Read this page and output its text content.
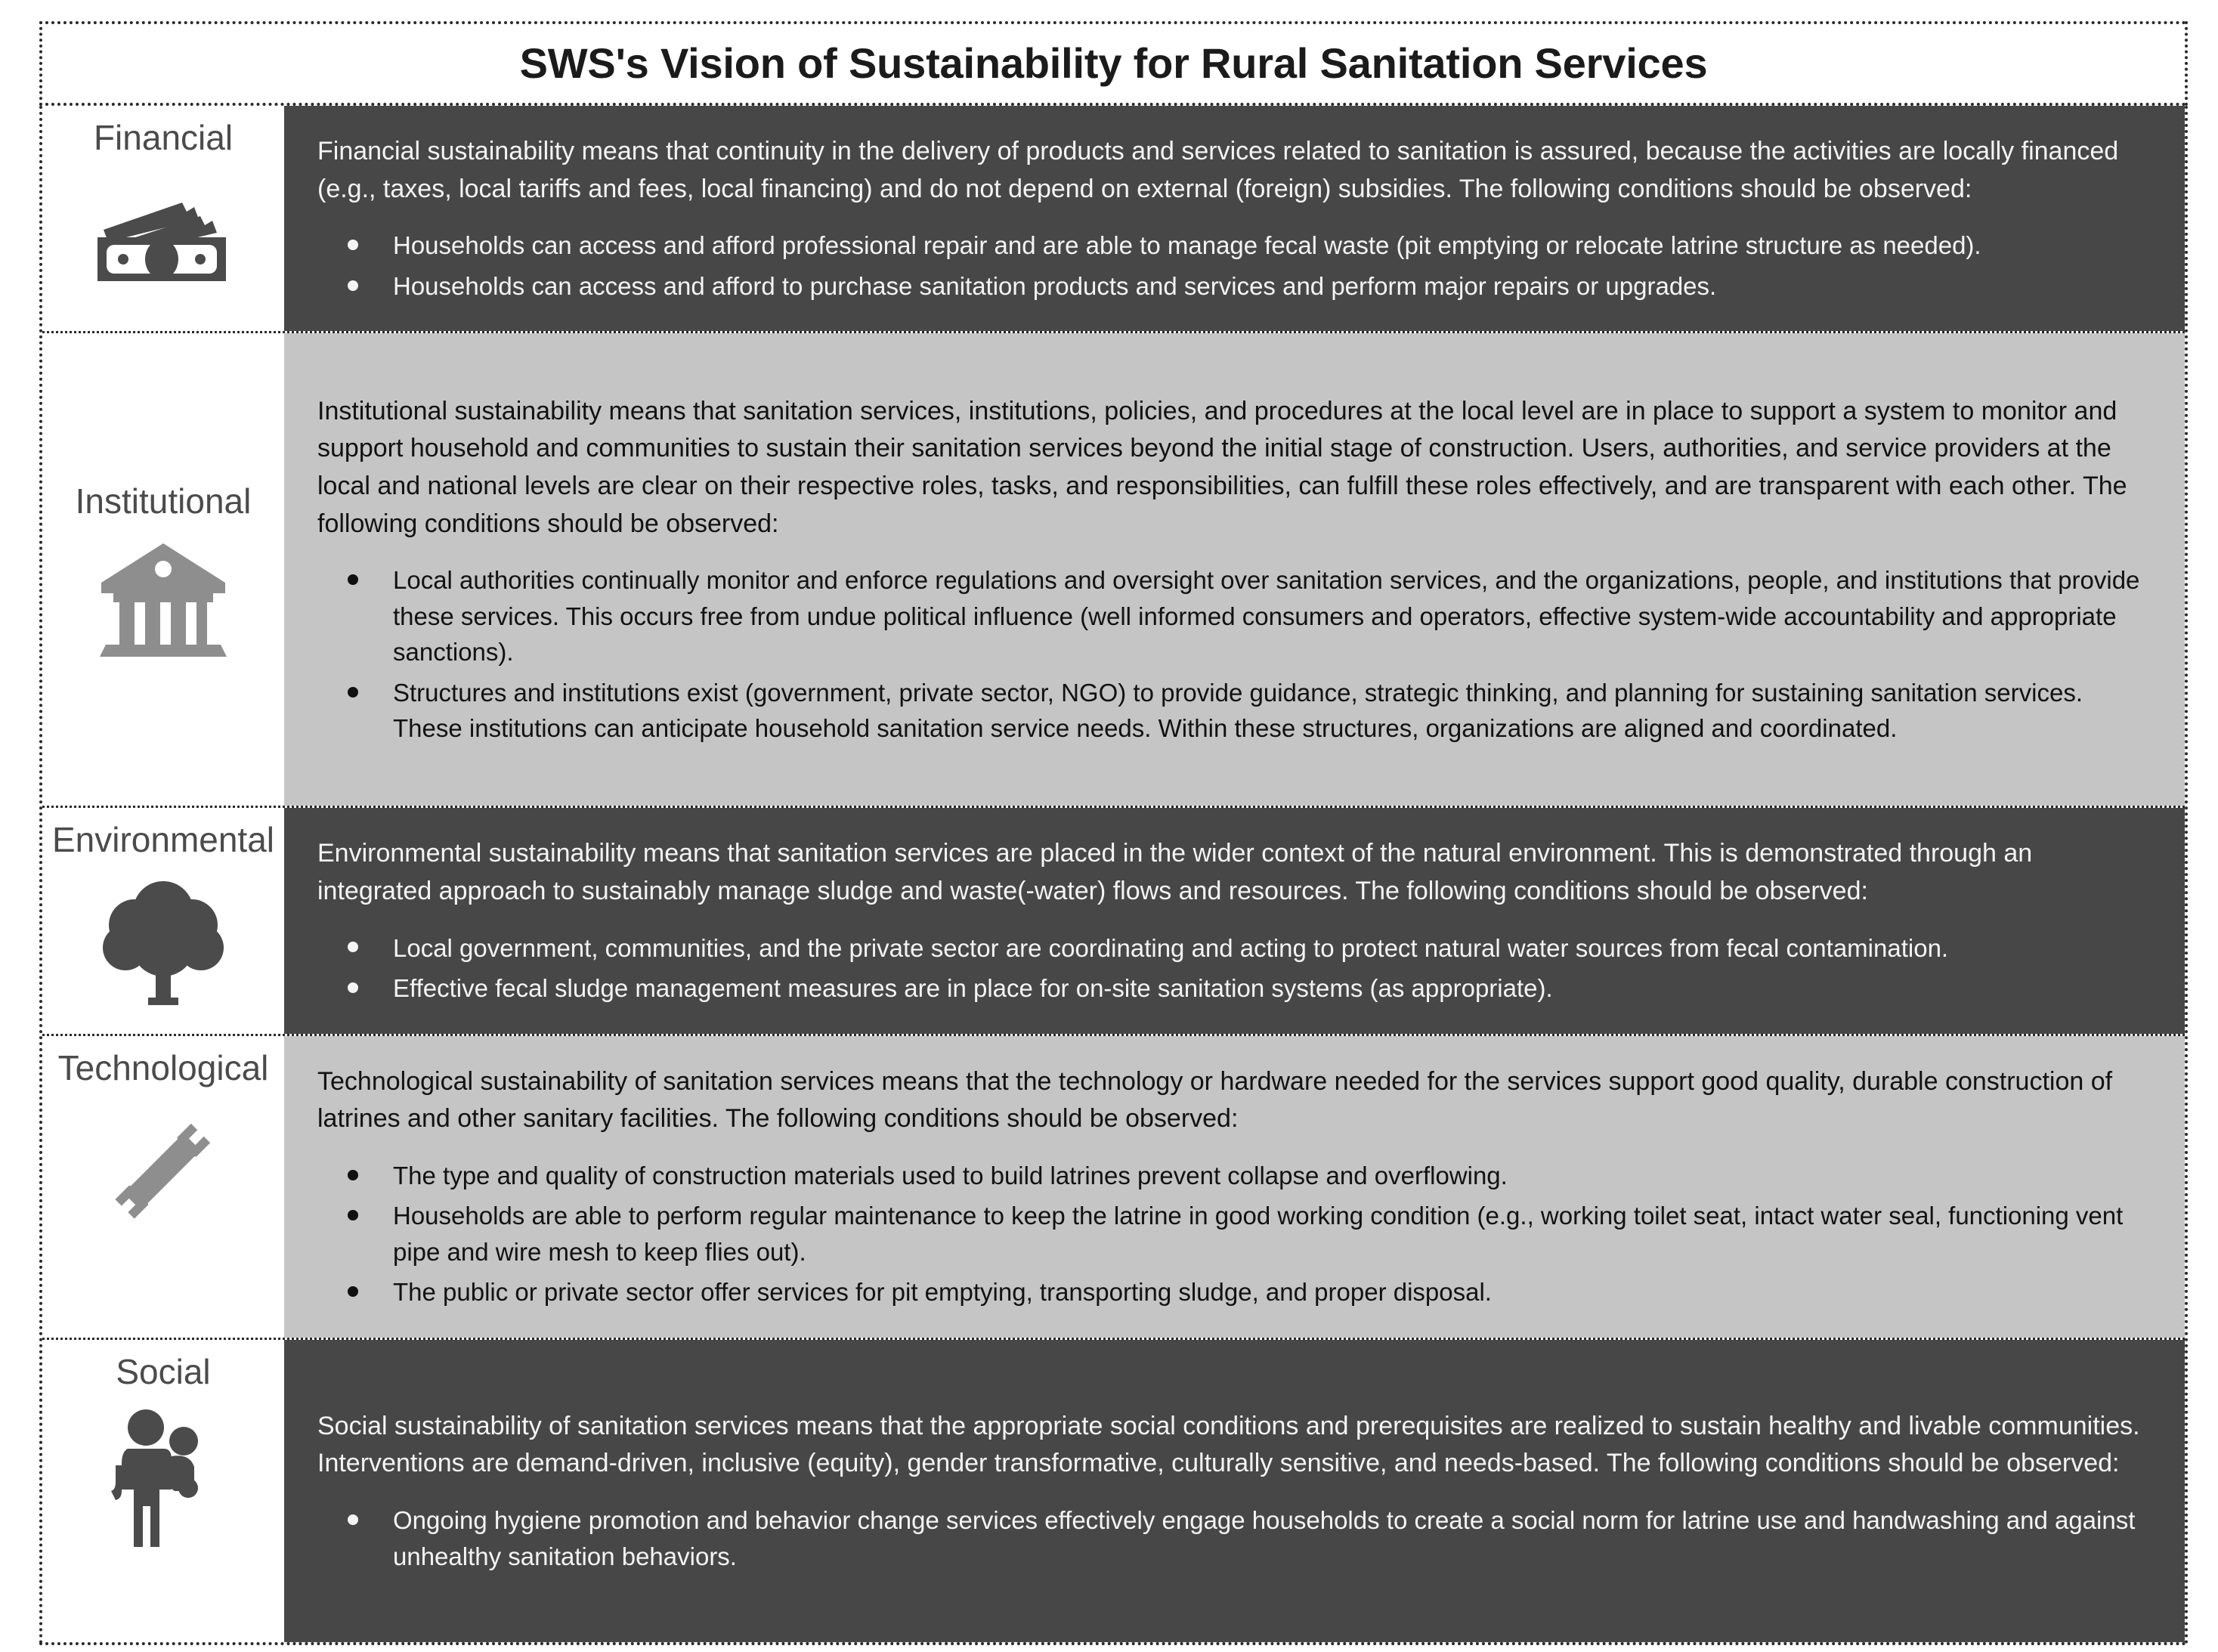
SWS's Vision of Sustainability for Rural Sanitation Services
Financial	Financial sustainability means that continuity in the delivery of products and services related to sanitation is assured, because the activities are locally financed (e.g., taxes, local tariffs and fees, local financing) and do not depend on external (foreign) subsidies. The following conditions should be observed:

Households can access and afford professional repair and are able to manage fecal waste (pit emptying or relocate latrine structure as needed).
Households can access and afford to purchase sanitation products and services and perform major repairs or upgrades.
Institutional

Institutional sustainability means that sanitation services, institutions, policies, and procedures at the local level are in place to support a system to monitor and support household and communities to sustain their sanitation services beyond the initial stage of construction. Users, authorities, and service providers at the local and national levels are clear on their respective roles, tasks, and responsibilities, can fulfill these roles effectively, and are transparent with each other. The following conditions should be observed:

Local authorities continually monitor and enforce regulations and oversight over sanitation services, and the organizations, people, and institutions that provide these services. This occurs free from undue political influence (well informed consumers and operators, effective system-wide accountability and appropriate sanctions).
Structures and institutions exist (government, private sector, NGO) to provide guidance, strategic thinking, and planning for sustaining sanitation services. These institutions can anticipate household sanitation service needs. Within these structures, organizations are aligned and coordinated.
Environmental Environmental sustainability means that sanitation services are placed in the wider context of the natural environment. This is demonstrated through an integrated approach to sustainably manage sludge and waste(-water) flows and resources. The following conditions should be observed:

Local government, communities, and the private sector are coordinating and acting to protect natural water sources from fecal contamination.
Effective fecal sludge management measures are in place for on-site sanitation systems (as appropriate).
Technological Technological sustainability of sanitation services means that the technology or hardware needed for the services support good quality, durable construction of latrines and other sanitary facilities. The following conditions should be observed:

The type and quality of construction materials used to build latrines prevent collapse and overflowing.
Households are able to perform regular maintenance to keep the latrine in good working condition (e.g., working toilet seat, intact water seal, functioning vent pipe and wire mesh to keep flies out).
The public or private sector offer services for pit emptying, transporting sludge, and proper disposal.
Social

Social sustainability of sanitation services means that the appropriate social conditions and prerequisites are realized to sustain healthy and livable communities. Interventions are demand-driven, inclusive (equity), gender transformative, culturally sensitive, and needs-based. The following conditions should be observed:

Ongoing hygiene promotion and behavior change services effectively engage households to create a social norm for latrine use and handwashing and against unhealthy sanitation behaviors.
